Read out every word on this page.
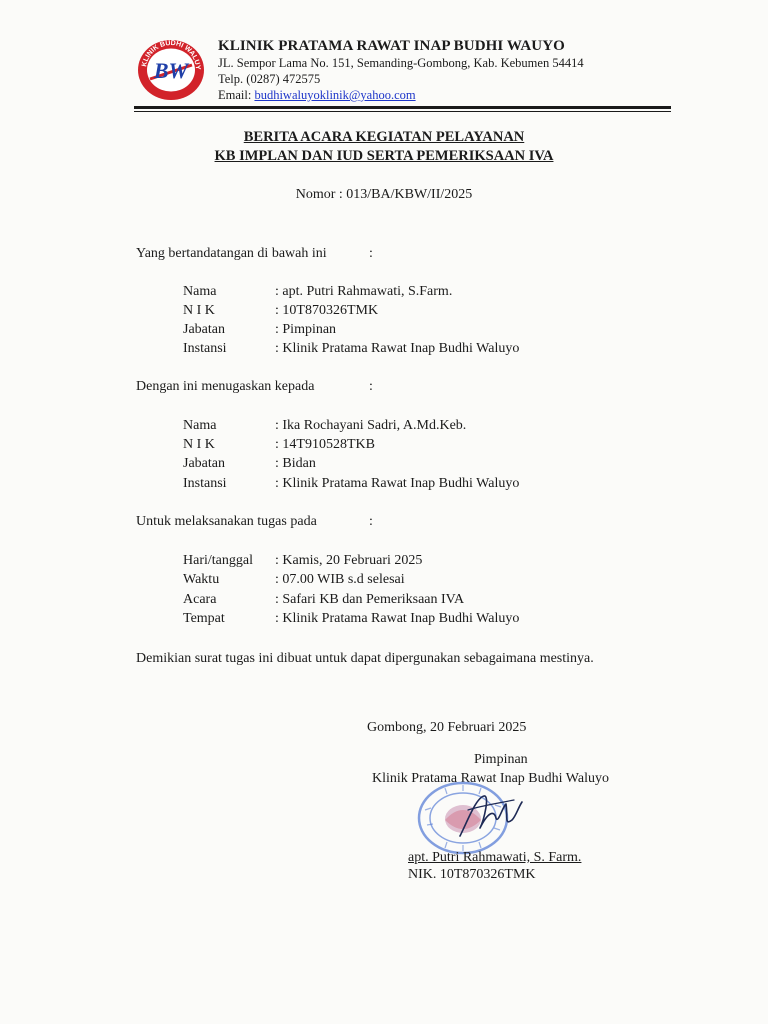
KLINIK BUDHI WALUY
BW
KLINIK PRATAMA RAWAT INAP BUDHI WAUYO
JL. Sempor Lama No. 151, Semanding-Gombong, Kab. Kebumen 54414
Telp. (0287) 472575
Email: budhiwaluyoklinik@yahoo.com
BERITA ACARA KEGIATAN PELAYANAN
KB IMPLAN DAN IUD SERTA PEMERIKSAAN IVA
Nomor : 013/BA/KBW/II/2025
Yang bertandatangan di bawah ini	:
Nama	: apt. Putri Rahmawati, S.Farm.
N I K	: 10T870326TMK
Jabatan	: Pimpinan
Instansi	: Klinik Pratama Rawat Inap Budhi Waluyo
Dengan ini menugaskan kepada	:
Nama	: Ika Rochayani Sadri, A.Md.Keb.
N I K	: 14T910528TKB
Jabatan	: Bidan
Instansi	: Klinik Pratama Rawat Inap Budhi Waluyo
Untuk melaksanakan tugas pada	:
Hari/tanggal : Kamis, 20 Februari 2025
Waktu	: 07.00 WIB s.d selesai
Acara	: Safari KB dan Pemeriksaan IVA
Tempat	: Klinik Pratama Rawat Inap Budhi Waluyo
Demikian surat tugas ini dibuat untuk dapat dipergunakan sebagaimana mestinya.
Gombong, 20 Februari 2025
Pimpinan
Klinik Pratama Rawat Inap Budhi Waluyo
apt. Putri Rahmawati, S. Farm.
NIK. 10T870326TMK
